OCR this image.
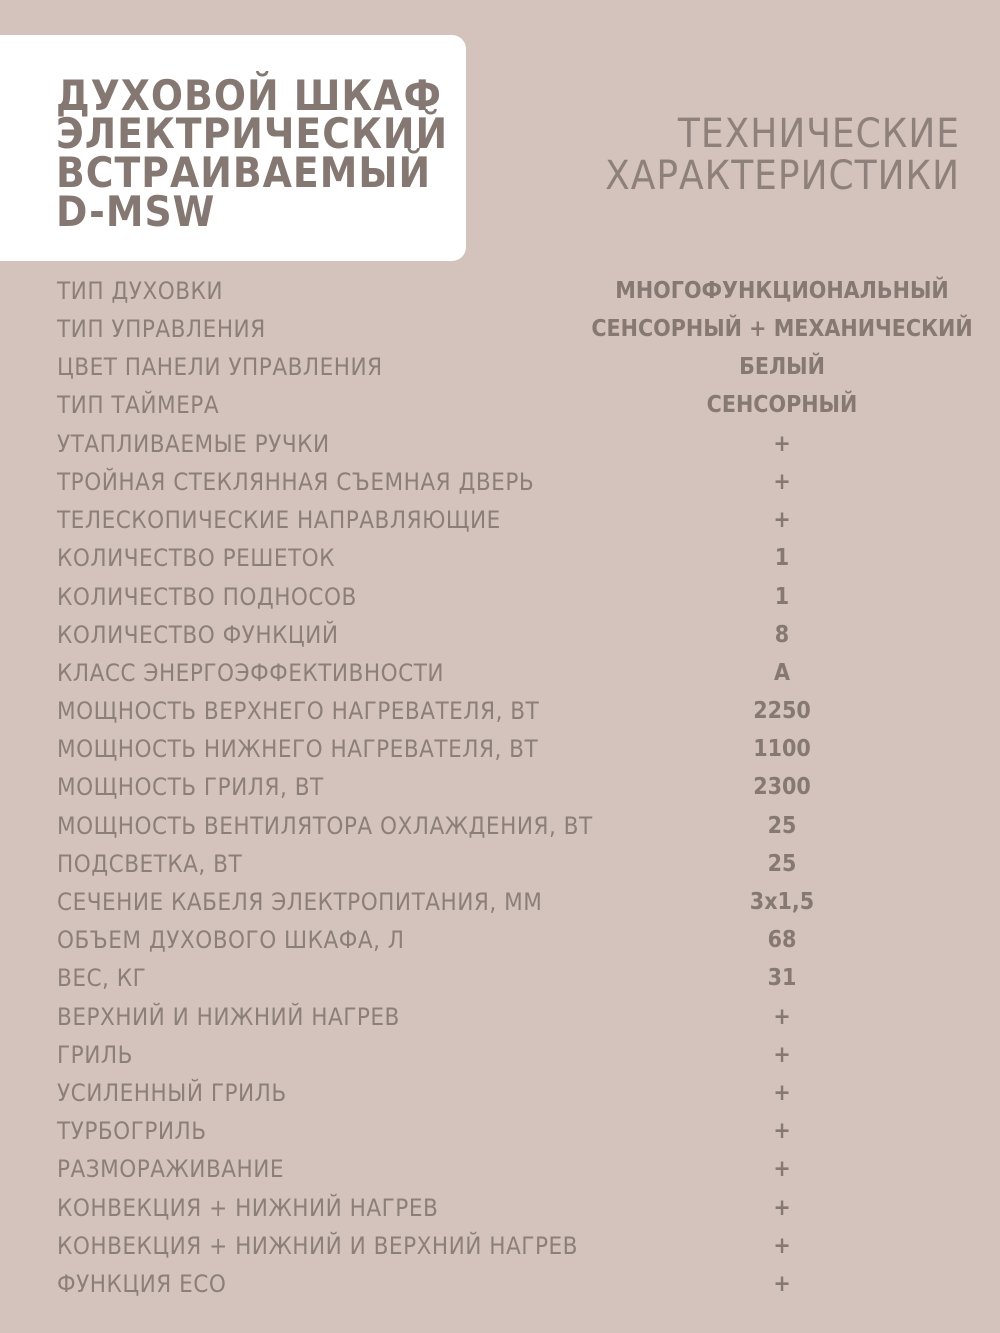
ДУХОВОЙ ШКАФ
ЭЛЕКТРИЧЕСКИЙ
ВСТРАИВАЕМЫЙ
D-MSW
ТЕХНИЧЕСКИЕ
ХАРАКТЕРИСТИКИ
ТИП ДУХОВКИ	МНОГОФУНКЦИОНАЛЬНЫЙ
ТИП УПРАВЛЕНИЯ	СЕНСОРНЫЙ + МЕХАНИЧЕСКИЙ
ЦВЕТ ПАНЕЛИ УПРАВЛЕНИЯ	БЕЛЫЙ
ТИП ТАЙМЕРА	СЕНСОРНЫЙ
УТАПЛИВАЕМЫЕ РУЧКИ	+
ТРОЙНАЯ СТЕКЛЯННАЯ СЪЕМНАЯ ДВЕРЬ	+
ТЕЛЕСКОПИЧЕСКИЕ НАПРАВЛЯЮЩИЕ	+
КОЛИЧЕСТВО РЕШЕТОК	1
КОЛИЧЕСТВО ПОДНОСОВ	1
КОЛИЧЕСТВО ФУНКЦИЙ	8
КЛАСС ЭНЕРГОЭФФЕКТИВНОСТИ	A
МОЩНОСТЬ ВЕРХНЕГО НАГРЕВАТЕЛЯ, ВТ	2250
МОЩНОСТЬ НИЖНЕГО НАГРЕВАТЕЛЯ, ВТ	1100
МОЩНОСТЬ ГРИЛЯ, ВТ	2300
МОЩНОСТЬ ВЕНТИЛЯТОРА ОХЛАЖДЕНИЯ, ВТ	25
ПОДСВЕТКА, ВТ	25
СЕЧЕНИЕ КАБЕЛЯ ЭЛЕКТРОПИТАНИЯ, ММ	3х1,5
ОБЪЕМ ДУХОВОГО ШКАФА, Л	68
ВЕС, КГ	31
ВЕРХНИЙ И НИЖНИЙ НАГРЕВ	+
ГРИЛЬ	+
УСИЛЕННЫЙ ГРИЛЬ	+
ТУРБОГРИЛЬ	+
РАЗМОРАЖИВАНИЕ	+
КОНВЕКЦИЯ + НИЖНИЙ НАГРЕВ	+
КОНВЕКЦИЯ + НИЖНИЙ И ВЕРХНИЙ НАГРЕВ	+
ФУНКЦИЯ ECO	+
